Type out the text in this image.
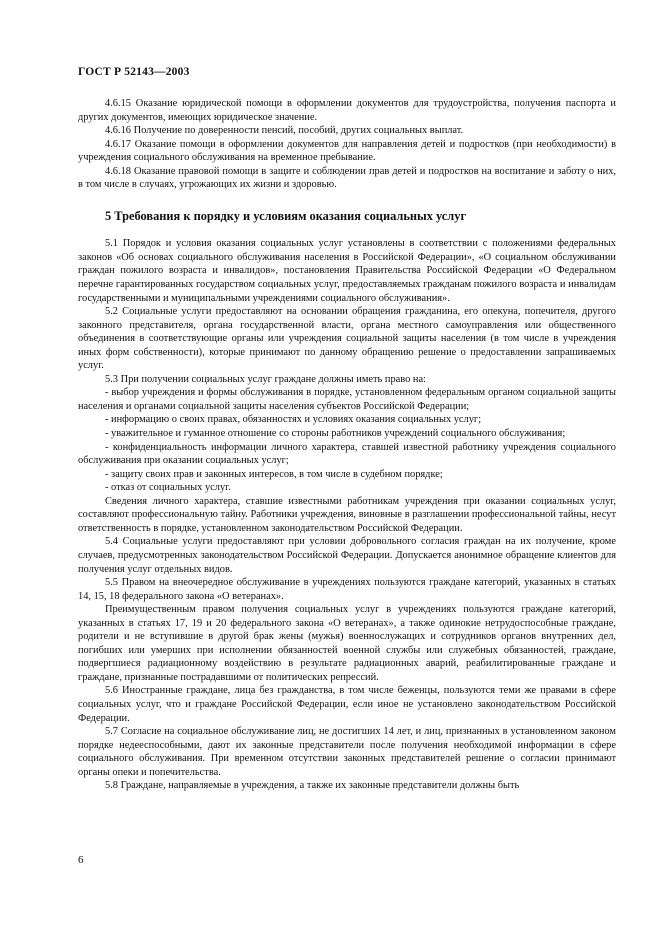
ГОСТ Р 52143—2003

4.6.15 Оказание юридической помощи в оформлении документов для трудоустройства, получения паспорта и других документов, имеющих юридическое значение.

4.6.16 Получение по доверенности пенсий, пособий, других социальных выплат.

4.6.17 Оказание помощи в оформлении документов для направления детей и подростков (при необходимости) в учреждения социального обслуживания на временное пребывание.

4.6.18 Оказание правовой помощи в защите и соблюдении прав детей и подростков на воспитание и заботу о них, в том числе в случаях, угрожающих их жизни и здоровью.

5 Требования к порядку и условиям оказания социальных услуг

5.1 Порядок и условия оказания социальных услуг установлены в соответствии с положениями федеральных законов «Об основах социального обслуживания населения в Российской Федерации», «О социальном обслуживании граждан пожилого возраста и инвалидов», постановления Правительства Российской Федерации «О Федеральном перечне гарантированных государством социальных услуг, предоставляемых гражданам пожилого возраста и инвалидам государственными и муниципальными учреждениями социального обслуживания».

5.2 Социальные услуги предоставляют на основании обращения гражданина, его опекуна, попечителя, другого законного представителя, органа государственной власти, органа местного самоуправления или общественного объединения в соответствующие органы или учреждения социальной защиты населения (в том числе в учреждения иных форм собственности), которые принимают по данному обращению решение о предоставлении запрашиваемых услуг.

5.3 При получении социальных услуг граждане должны иметь право на:

- выбор учреждения и формы обслуживания в порядке, установленном федеральным органом социальной защиты населения и органами социальной защиты населения субъектов Российской Федерации;

- информацию о своих правах, обязанностях и условиях оказания социальных услуг;

- уважительное и гуманное отношение со стороны работников учреждений социального обслуживания;

- конфиденциальность информации личного характера, ставшей известной работнику учреждения социального обслуживания при оказании социальных услуг;

- защиту своих прав и законных интересов, в том числе в судебном порядке;

- отказ от социальных услуг.

Сведения личного характера, ставшие известными работникам учреждения при оказании социальных услуг, составляют профессиональную тайну. Работники учреждения, виновные в разглашении профессиональной тайны, несут ответственность в порядке, установленном законодательством Российской Федерации.

5.4 Социальные услуги предоставляют при условии добровольного согласия граждан на их получение, кроме случаев, предусмотренных законодательством Российской Федерации. Допускается анонимное обращение клиентов для получения услуг отдельных видов.

5.5 Правом на внеочередное обслуживание в учреждениях пользуются граждане категорий, указанных в статьях 14, 15, 18 федерального закона «О ветеранах».

Преимущественным правом получения социальных услуг в учреждениях пользуются граждане категорий, указанных в статьях 17, 19 и 20 федерального закона «О ветеранах», а также одинокие нетрудоспособные граждане, родители и не вступившие в другой брак жены (мужья) военнослужащих и сотрудников органов внутренних дел, погибших или умерших при исполнении обязанностей военной службы или служебных обязанностей, граждане, подвергшиеся радиационному воздействию в результате радиационных аварий, реабилитированные граждане и граждане, признанные пострадавшими от политических репрессий.

5.6 Иностранные граждане, лица без гражданства, в том числе беженцы, пользуются теми же правами в сфере социальных услуг, что и граждане Российской Федерации, если иное не установлено законодательством Российской Федерации.

5.7 Согласие на социальное обслуживание лиц, не достигших 14 лет, и лиц, признанных в установленном законом порядке недееспособными, дают их законные представители после получения необходимой информации в сфере социального обслуживания. При временном отсутствии законных представителей решение о согласии принимают органы опеки и попечительства.

5.8 Граждане, направляемые в учреждения, а также их законные представители должны быть

6
